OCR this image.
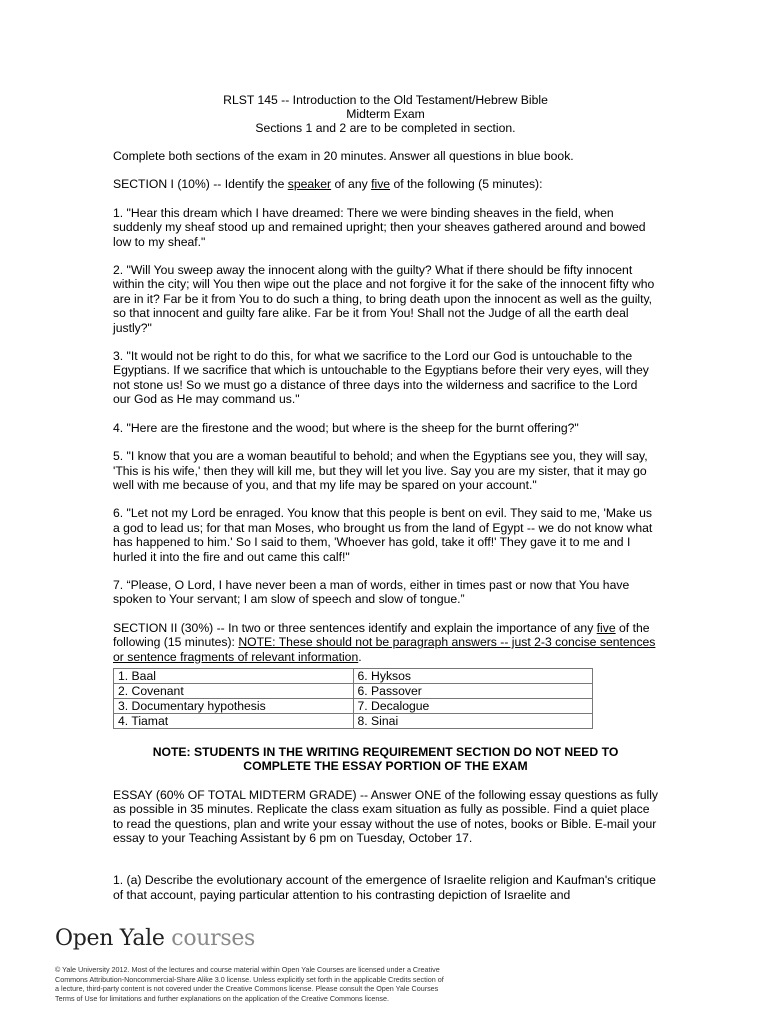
RLST 145 -- Introduction to the Old Testament/Hebrew Bible
Midterm Exam
Sections 1 and 2 are to be completed in section.

Complete both sections of the exam in 20 minutes. Answer all questions in blue book.

SECTION I (10%) -- Identify the speaker of any five of the following (5 minutes):

1. "Hear this dream which I have dreamed: There we were binding sheaves in the field, when suddenly my sheaf stood up and remained upright; then your sheaves gathered around and bowed low to my sheaf."

2. "Will You sweep away the innocent along with the guilty? What if there should be fifty innocent within the city; will You then wipe out the place and not forgive it for the sake of the innocent fifty who are in it? Far be it from You to do such a thing, to bring death upon the innocent as well as the guilty, so that innocent and guilty fare alike. Far be it from You! Shall not the Judge of all the earth deal justly?"

3. "It would not be right to do this, for what we sacrifice to the Lord our God is untouchable to the Egyptians. If we sacrifice that which is untouchable to the Egyptians before their very eyes, will they not stone us! So we must go a distance of three days into the wilderness and sacrifice to the Lord our God as He may command us."

4. "Here are the firestone and the wood; but where is the sheep for the burnt offering?"

5. "I know that you are a woman beautiful to behold; and when the Egyptians see you, they will say, 'This is his wife,' then they will kill me, but they will let you live. Say you are my sister, that it may go well with me because of you, and that my life may be spared on your account."

6. "Let not my Lord be enraged. You know that this people is bent on evil. They said to me, 'Make us a god to lead us; for that man Moses, who brought us from the land of Egypt -- we do not know what has happened to him.' So I said to them, 'Whoever has gold, take it off!' They gave it to me and I hurled it into the fire and out came this calf!"

7. “Please, O Lord, I have never been a man of words, either in times past or now that You have spoken to Your servant; I am slow of speech and slow of tongue.”

SECTION II (30%) -- In two or three sentences identify and explain the importance of any five of the following (15 minutes): NOTE: These should not be paragraph answers -- just 2-3 concise sentences or sentence fragments of relevant information.

1. Baal	6. Hyksos
2. Covenant	6. Passover
3. Documentary hypothesis	7. Decalogue
4. Tiamat	8. Sinai
NOTE: STUDENTS IN THE WRITING REQUIREMENT SECTION DO NOT NEED TO
COMPLETE THE ESSAY PORTION OF THE EXAM

ESSAY (60% OF TOTAL MIDTERM GRADE) -- Answer ONE of the following essay questions as fully as possible in 35 minutes. Replicate the class exam situation as fully as possible. Find a quiet place to read the questions, plan and write your essay without the use of notes, books or Bible. E-mail your essay to your Teaching Assistant by 6 pm on Tuesday, October 17.

1. (a) Describe the evolutionary account of the emergence of Israelite religion and Kaufman's critique of that account, paying particular attention to his contrasting depiction of Israelite and

Open Yale courses
© Yale University 2012. Most of the lectures and course material within Open Yale Courses are licensed under a Creative Commons Attribution-Noncommercial-Share Alike 3.0 license. Unless explicitly set forth in the applicable Credits section of a lecture, third-party content is not covered under the Creative Commons license. Please consult the Open Yale Courses Terms of Use for limitations and further explanations on the application of the Creative Commons license.
